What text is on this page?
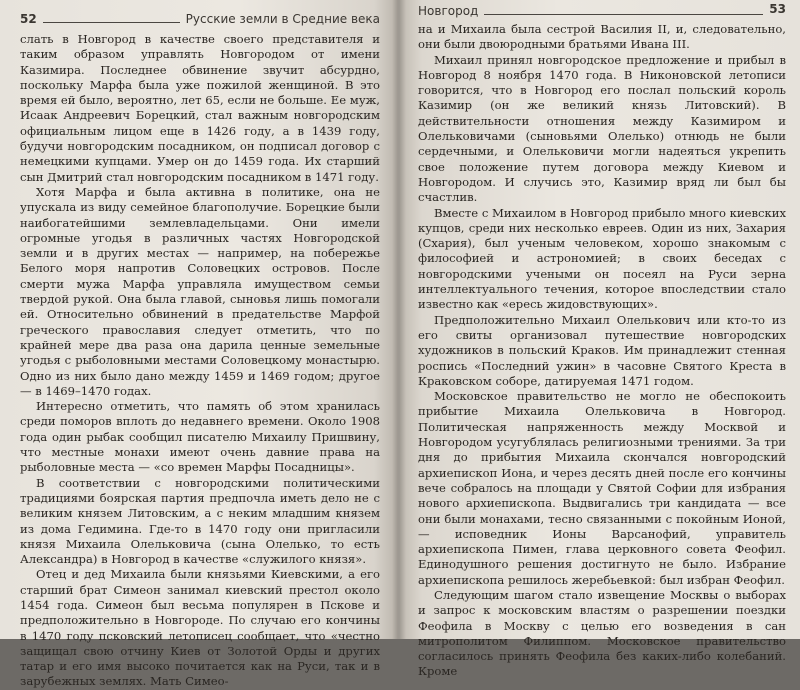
52	Русские земли в Средние века

слать в Новгород в качестве своего представителя и таким образом управлять Новгородом от имени Казимира. Последнее обвинение звучит абсурдно, поскольку Марфа была уже пожилой женщиной. В это время ей было, вероятно, лет 65, если не больше. Ее муж, Исаак Андреевич Борецкий, стал важным новгородским официальным лицом еще в 1426 году, а в 1439 году, будучи новгородским посадником, он подписал договор с немецкими купцами. Умер он до 1459 года. Их старший сын Дмитрий стал новгородским посадником в 1471 году.

Хотя Марфа и была активна в политике, она не упускала из виду семейное благополучие. Борецкие были наибогатейшими землевладельцами. Они имели огромные угодья в различных частях Новгородской земли и в других местах — например, на побережье Белого моря напротив Соловецких островов. После смерти мужа Марфа управляла имуществом семьи твердой рукой. Она была главой, сыновья лишь помогали ей. Относительно обвинений в предательстве Марфой греческого православия следует отметить, что по крайней мере два раза она дарила ценные земельные угодья с рыболовными местами Соловецкому монастырю. Одно из них было дано между 1459 и 1469 годом; другое — в 1469–1470 годах.

Интересно отметить, что память об этом хранилась среди поморов вплоть до недавнего времени. Около 1908 года один рыбак сообщил писателю Михаилу Пришвину, что местные монахи имеют очень давние права на рыболовные места — «со времен Марфы Посадницы».

В соответствии с новгородскими политическими традициями боярская партия предпочла иметь дело не с великим князем Литовским, а с неким младшим князем из дома Гедимина. Где-то в 1470 году они пригласили князя Михаила Олельковича (сына Олелько, то есть Александра) в Новгород в качестве «служилого князя».

Отец и дед Михаила были князьями Киевскими, а его старший брат Симеон занимал киевский престол около 1454 года. Симеон был весьма популярен в Пскове и предположительно в Новгороде. По случаю его кончины в 1470 году псковский летописец сообщает, что «честно защищал свою отчину Киев от Золотой Орды и других татар и его имя высоко почитается как на Руси, так и в зарубежных землях. Мать Симео-

Новгород	53

на и Михаила была сестрой Василия II, и, следовательно, они были двоюродными братьями Ивана III.

Михаил принял новгородское предложение и прибыл в Новгород 8 ноября 1470 года. В Никоновской летописи говорится, что в Новгород его послал польский король Казимир (он же великий князь Литовский). В действительности отношения между Казимиром и Олельковичами (сыновьями Олелько) отнюдь не были сердечными, и Олельковичи могли надеяться укрепить свое положение путем договора между Киевом и Новгородом. И случись это, Казимир вряд ли был бы счастлив.

Вместе с Михаилом в Новгород прибыло много киевских купцов, среди них несколько евреев. Один из них, Захария (Схария), был ученым человеком, хорошо знакомым с философией и астрономией; в своих беседах с новгородскими учеными он посеял на Руси зерна интеллектуального течения, которое впоследствии стало известно как «ересь жидовствующих».

Предположительно Михаил Олелькович или кто-то из его свиты организовал путешествие новгородских художников в польский Краков. Им принадлежит стенная роспись «Последний ужин» в часовне Святого Креста в Краковском соборе, датируемая 1471 годом.

Московское правительство не могло не обеспокоить прибытие Михаила Олельковича в Новгород. Политическая напряженность между Москвой и Новгородом усугублялась религиозными трениями. За три дня до прибытия Михаила скончался новгородский архиепископ Иона, и через десять дней после его кончины вече собралось на площади у Святой Софии для избрания нового архиепископа. Выдвигались три кандидата — все они были монахами, тесно связанными с покойным Ионой, — исповедник Ионы Варсанофий, управитель архиепископа Пимен, глава церковного совета Феофил. Единодушного решения достигнуто не было. Избрание архиепископа решилось жеребьевкой: был избран Феофил.

Следующим шагом стало извещение Москвы о выборах и запрос к московским властям о разрешении поездки Феофила в Москву с целью его возведения в сан митрополитом Филиппом. Московское правительство согласилось принять Феофила без каких-либо колебаний. Кроме
